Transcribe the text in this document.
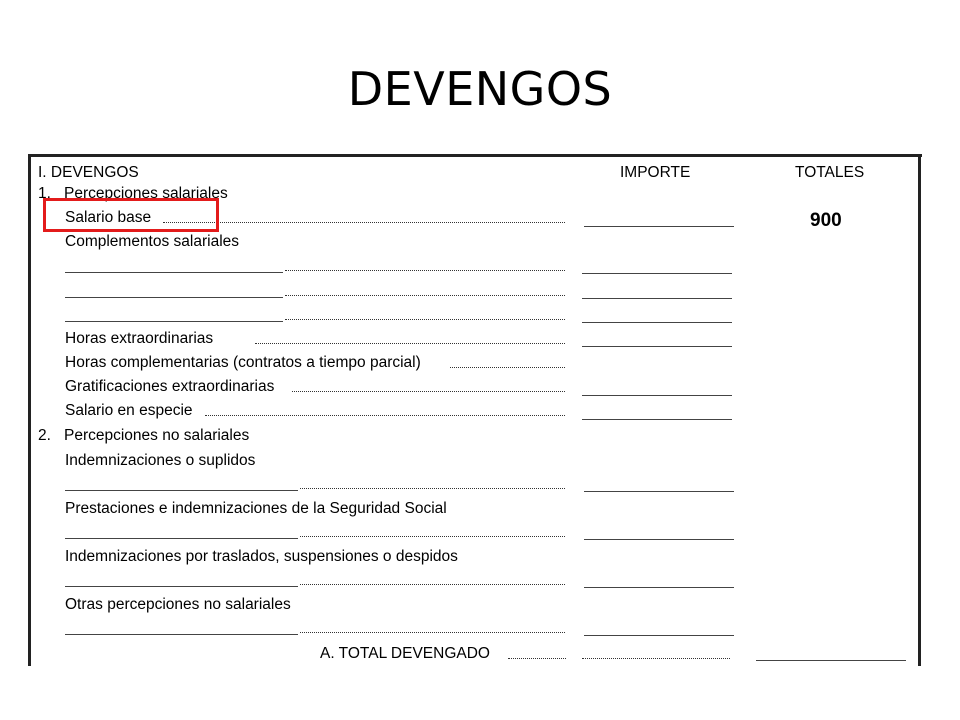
DEVENGOS
I. DEVENGOS	IMPORTE	TOTALES
1. Percepciones salariales
Salario base
Complementos salariales
Horas extraordinarias
Horas complementarias (contratos a tiempo parcial)
Gratificaciones extraordinarias
Salario en especie
2. Percepciones no salariales
Indemnizaciones o suplidos
Prestaciones e indemnizaciones de la Seguridad Social
Indemnizaciones por traslados, suspensiones o despidos
Otras percepciones no salariales
A. TOTAL DEVENGADO
900
